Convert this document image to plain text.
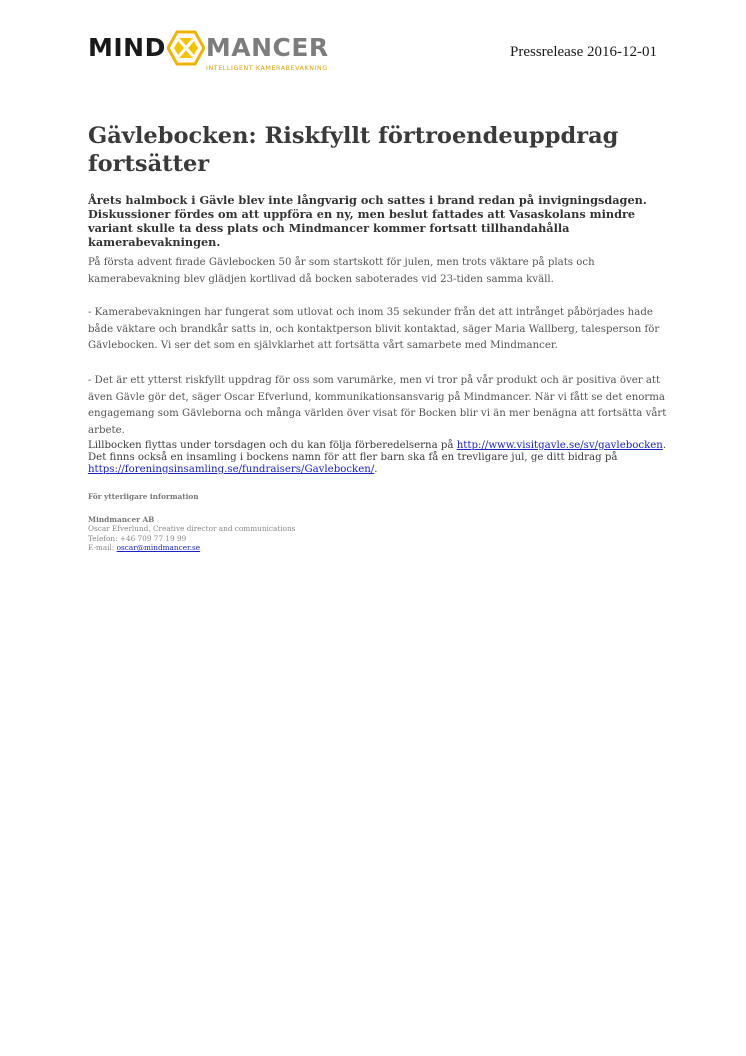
MIND MANCER
INTELLIGENT KAMERABEVAKNING
Pressrelease 2016-12-01
Gävlebocken: Riskfyllt förtroendeuppdrag fortsätter

Årets halmbock i Gävle blev inte långvarig och sattes i brand redan på invigningsdagen. Diskussioner fördes om att uppföra en ny, men beslut fattades att Vasaskolans mindre variant skulle ta dess plats och Mindmancer kommer fortsatt tillhandahålla kamerabevakningen.

På första advent firade Gävlebocken 50 år som startskott för julen, men trots väktare på plats och kamerabevakning blev glädjen kortlivad då bocken saboterades vid 23-tiden samma kväll.

- Kamerabevakningen har fungerat som utlovat och inom 35 sekunder från det att intrånget påbörjades hade både väktare och brandkår satts in, och kontaktperson blivit kontaktad, säger Maria Wallberg, talesperson för Gävlebocken. Vi ser det som en självklarhet att fortsätta vårt samarbete med Mindmancer.

- Det är ett ytterst riskfyllt uppdrag för oss som varumärke, men vi tror på vår produkt och är positiva över att även Gävle gör det, säger Oscar Efverlund, kommunikationsansvarig på Mindmancer. När vi fått se det enorma engagemang som Gävleborna och många världen över visat för Bocken blir vi än mer benägna att fortsätta vårt arbete.

Lillbocken flyttas under torsdagen och du kan följa förberedelserna på http://www.visitgavle.se/sv/gavlebocken. Det finns också en insamling i bockens namn för att fler barn ska få en trevligare jul, ge ditt bidrag på https://foreningsinsamling.se/fundraisers/Gavlebocken/.

För ytterligare information

Mindmancer AB

Oscar Efverlund, Creative director and communications

Telefon: +46 709 77 19 99

E-mail: oscar@mindmancer.se
